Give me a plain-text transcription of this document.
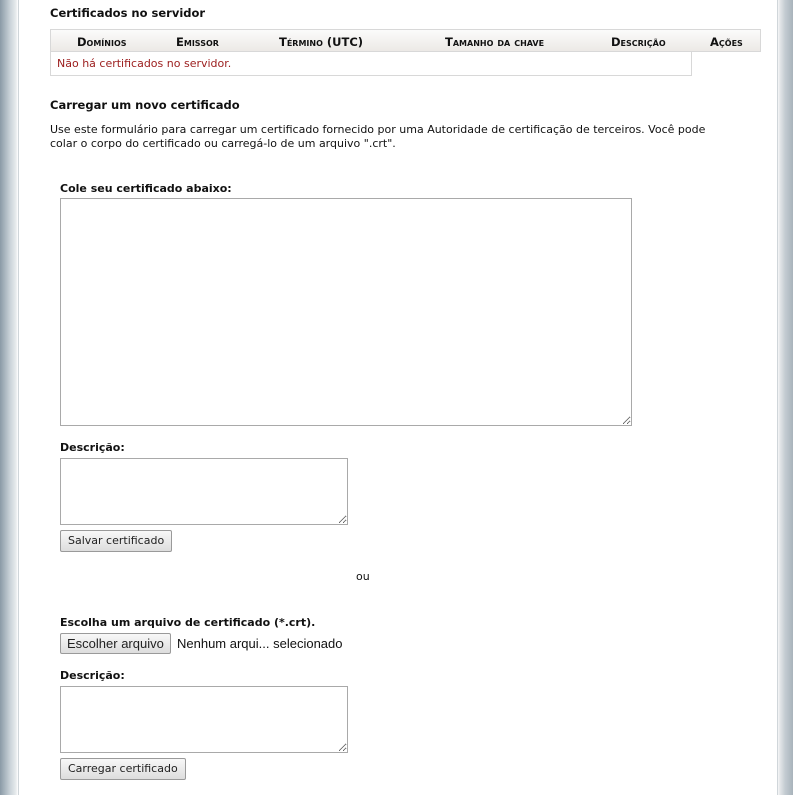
Certificados no servidor
Domínios	Emissor	Término (UTC)	Tamanho da chave	Descrição	Ações
Não há certificados no servidor.
Carregar um novo certificado
Use este formulário para carregar um certificado fornecido por uma Autoridade de certificação de terceiros. Você pode
colar o corpo do certificado ou carregá-lo de um arquivo ".crt".
Cole seu certificado abaixo:
Descrição:
Salvar certificado
ou
Escolha um arquivo de certificado (*.crt).
Escolher arquivo	Nenhum arqui... selecionado
Descrição:
Carregar certificado
